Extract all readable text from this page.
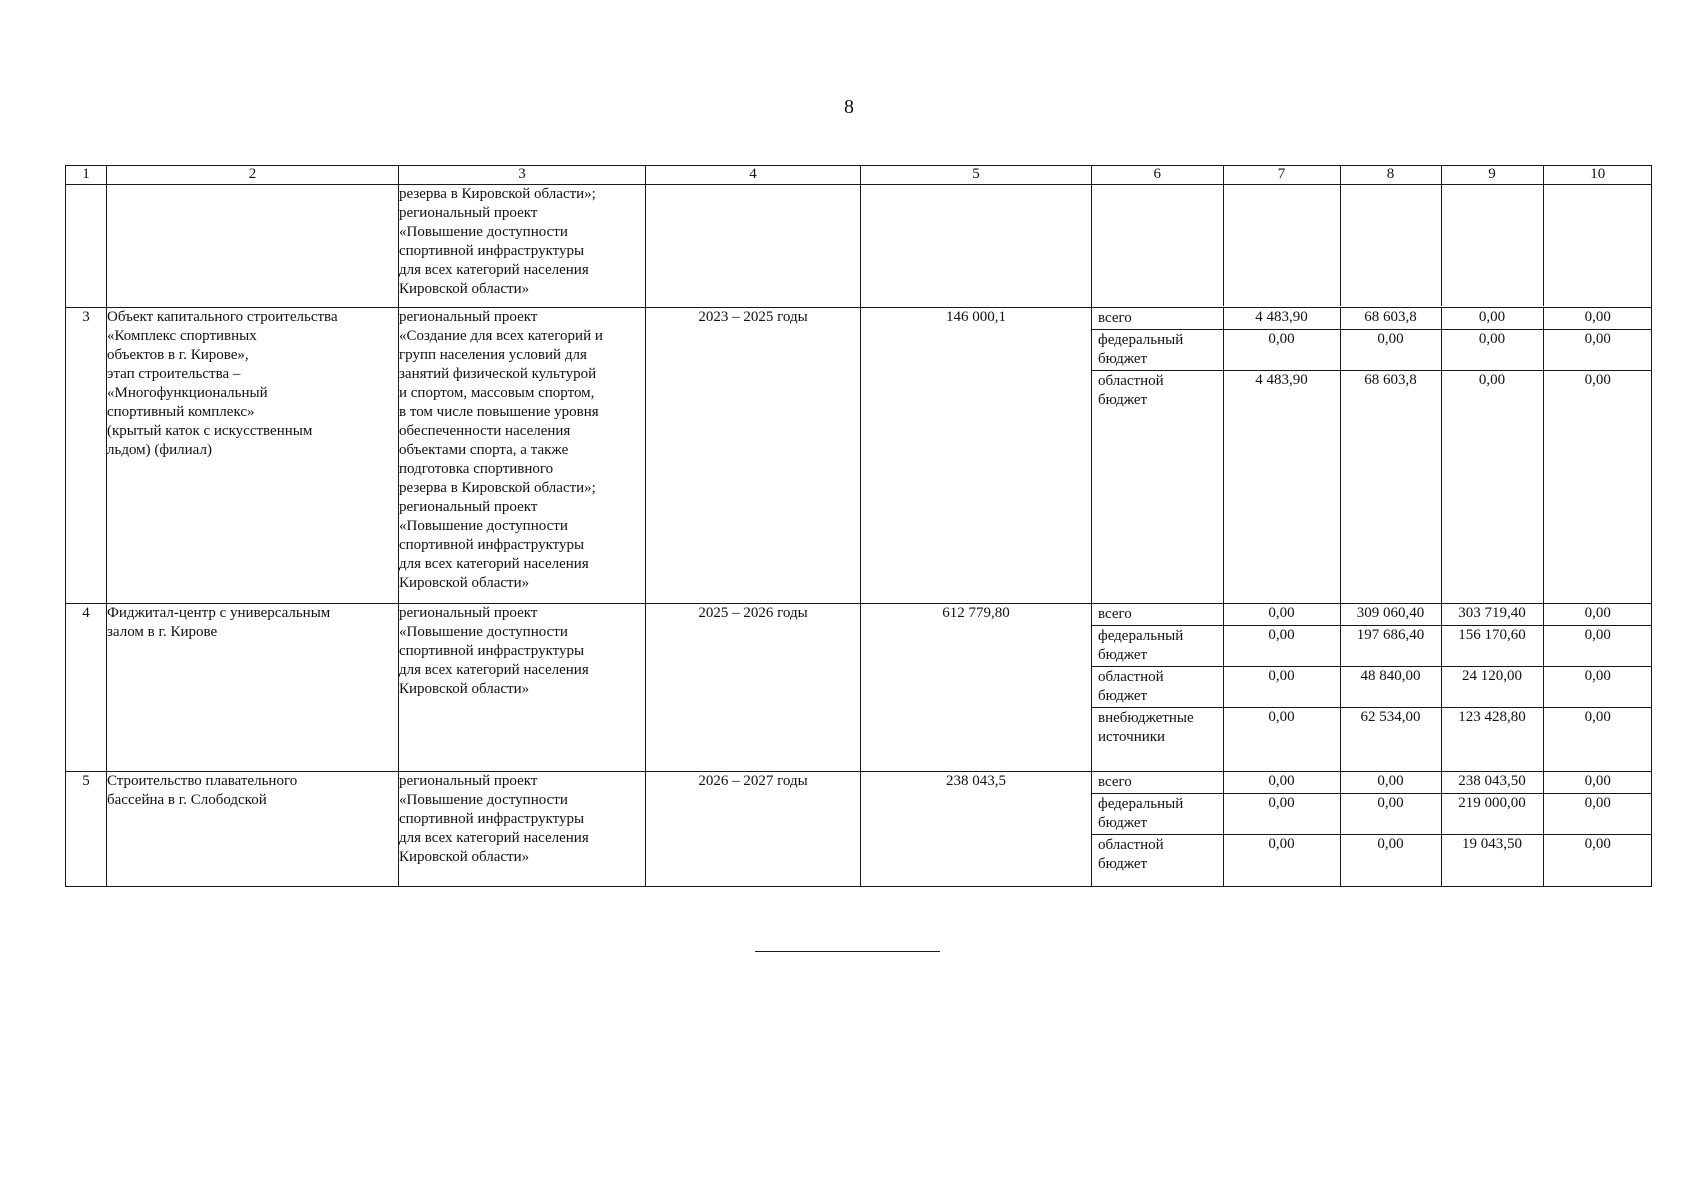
8
1	2	3	4	5		6	7	8	9	10

		резерва в Кировской области»;
региональный проект
«Повышение доступности
спортивной инфраструктуры
для всех категорий населения
Кировской области»			

3	Объект капитального строительства
«Комплекс спортивных
объектов в г. Кирове»,
этап строительства –
«Многофункциональный
спортивный комплекс»
(крытый каток с искусственным
льдом) (филиал)	региональный проект
«Создание для всех категорий и
групп населения условий для
занятий физической культурой
и спортом, массовым спортом,
в том числе повышение уровня
обеспеченности населения
объектами спорта, а также
подготовка спортивного
резерва в Кировской области»;
региональный проект
«Повышение доступности
спортивной инфраструктуры
для всех категорий населения
Кировской области»	2023 – 2025 годы	146 000,1		всего	4 483,90	68 603,8	0,00	0,00
федеральный
бюджет	0,00	0,00	0,00	0,00
областной
бюджет	4 483,90	68 603,8	0,00	0,00

4	Фиджитал-центр с универсальным
залом в г. Кирове	региональный проект
«Повышение доступности
спортивной инфраструктуры
для всех категорий населения
Кировской области»	2025 – 2026 годы	612 779,80		всего	0,00	309 060,40	303 719,40	0,00
федеральный
бюджет	0,00	197 686,40	156 170,60	0,00
областной
бюджет	0,00	48 840,00	24 120,00	0,00
внебюджетные
источники	0,00	62 534,00	123 428,80	0,00

5	Строительство плавательного
бассейна в г. Слободской	региональный проект
«Повышение доступности
спортивной инфраструктуры
для всех категорий населения
Кировской области»	2026 – 2027 годы	238 043,5		всего	0,00	0,00	238 043,50	0,00
федеральный
бюджет	0,00	0,00	219 000,00	0,00
областной
бюджет	0,00	0,00	19 043,50	0,00
